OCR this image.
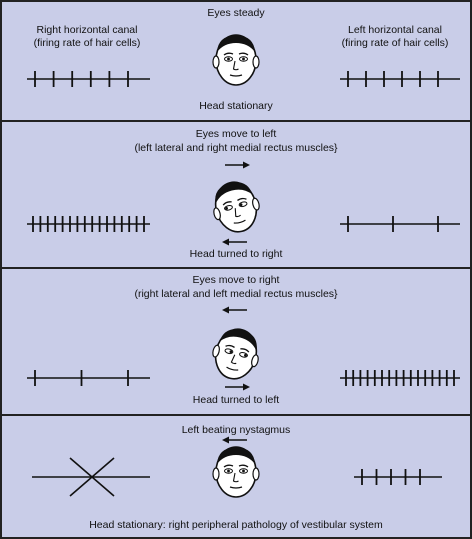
Eyes steady
Right horizontal canal
(firing rate of hair cells)
Left horizontal canal
(firing rate of hair cells)
Head stationary
Eyes move to left
(left lateral and right medial rectus muscles}
Head turned to right
Eyes move to right
(right lateral and left medial rectus muscles}
Head turned to left
Left beating nystagmus
Head stationary: right peripheral pathology of vestibular system
